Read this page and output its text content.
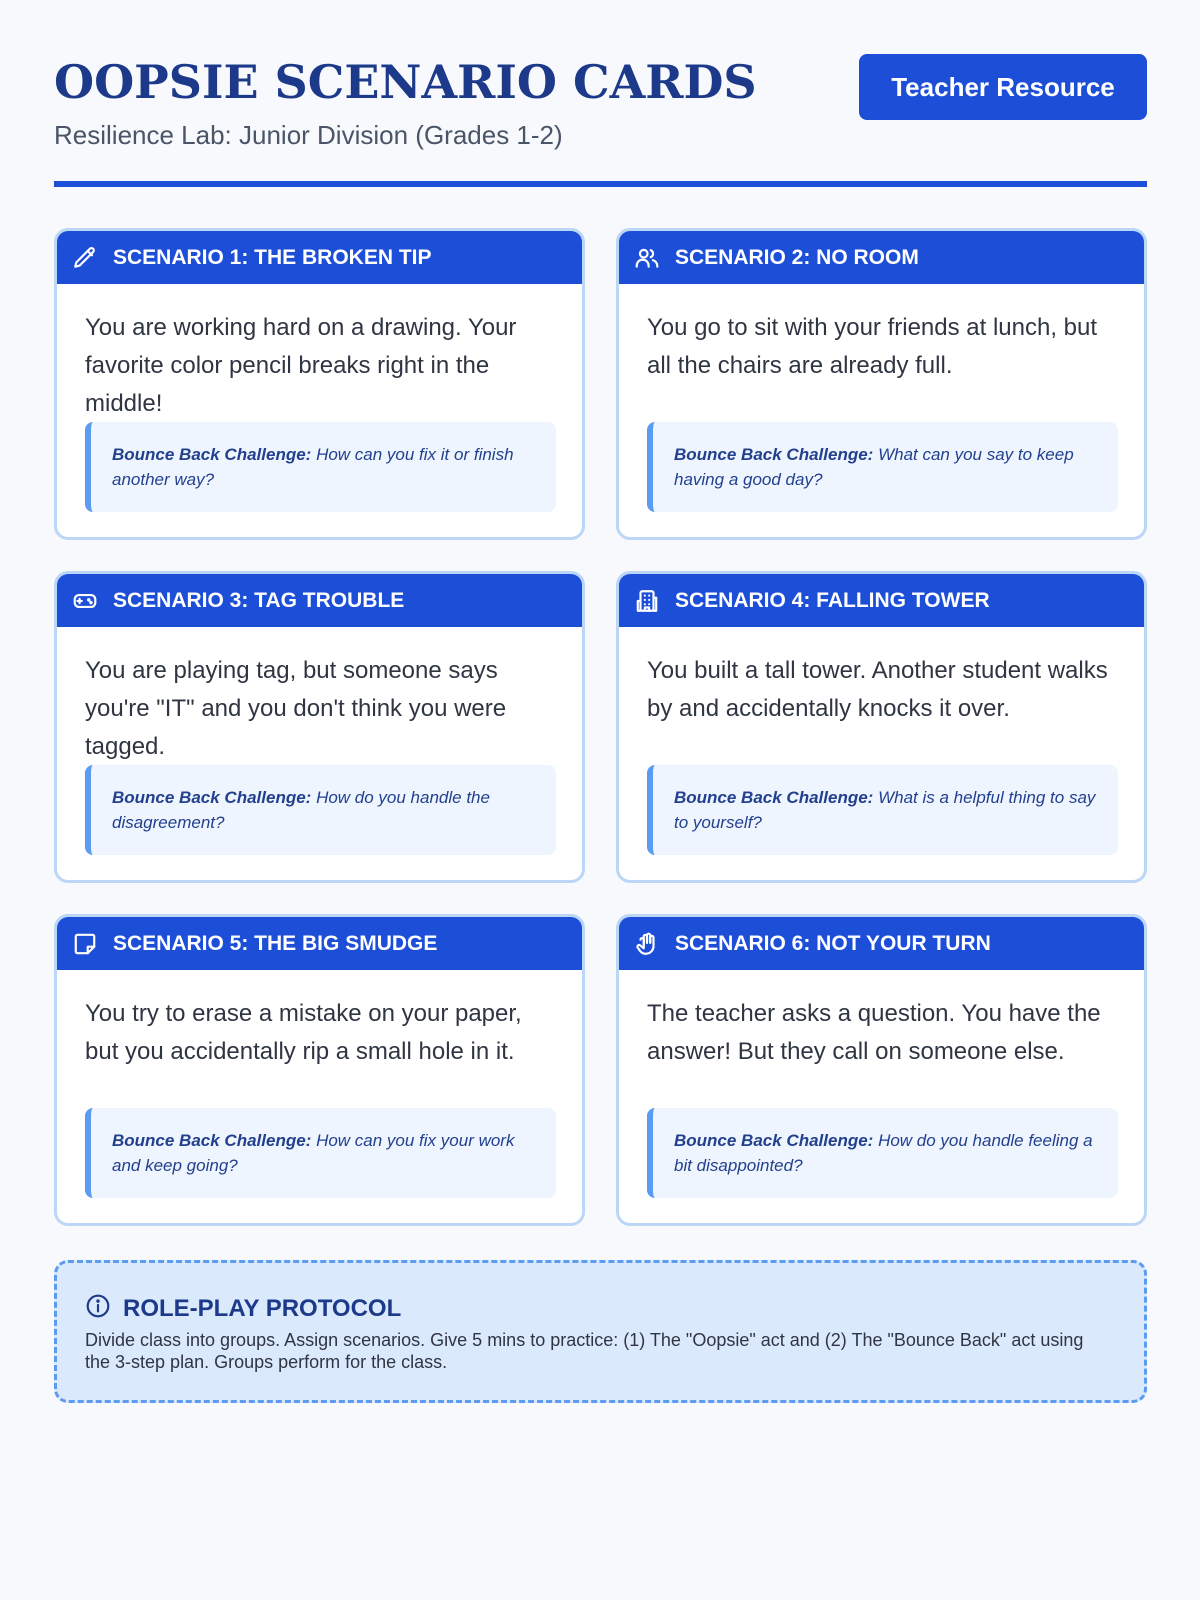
OOPSIE SCENARIO CARDS
Resilience Lab: Junior Division (Grades 1-2)
Teacher Resource
SCENARIO 1: THE BROKEN TIP
You are working hard on a drawing. Your favorite color pencil breaks right in the middle!
Bounce Back Challenge: How can you fix it or finish another way?
SCENARIO 2: NO ROOM
You go to sit with your friends at lunch, but all the chairs are already full.
Bounce Back Challenge: What can you say to keep having a good day?
SCENARIO 3: TAG TROUBLE
You are playing tag, but someone says you're "IT" and you don't think you were tagged.
Bounce Back Challenge: How do you handle the disagreement?
SCENARIO 4: FALLING TOWER
You built a tall tower. Another student walks by and accidentally knocks it over.
Bounce Back Challenge: What is a helpful thing to say to yourself?
SCENARIO 5: THE BIG SMUDGE
You try to erase a mistake on your paper, but you accidentally rip a small hole in it.
Bounce Back Challenge: How can you fix your work and keep going?
SCENARIO 6: NOT YOUR TURN
The teacher asks a question. You have the answer! But they call on someone else.
Bounce Back Challenge: How do you handle feeling a bit disappointed?
ROLE-PLAY PROTOCOL
Divide class into groups. Assign scenarios. Give 5 mins to practice: (1) The "Oopsie" act and (2) The "Bounce Back" act using the 3-step plan. Groups perform for the class.
